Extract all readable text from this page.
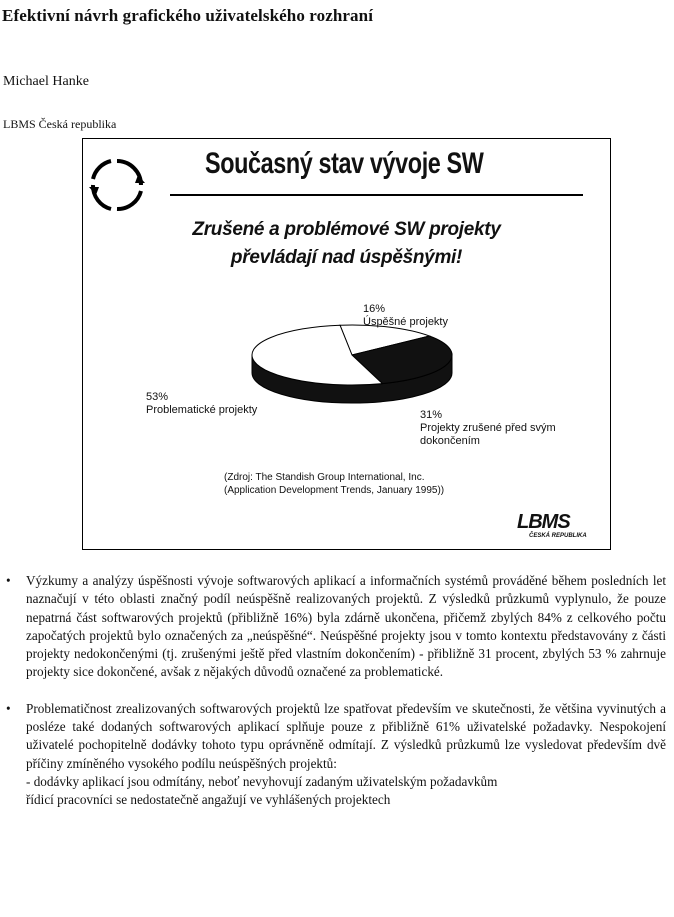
Efektivní návrh grafického uživatelského rozhraní
Michael Hanke
LBMS Česká republika
Současný stav vývoje SW
Zrušené a problémové SW projekty
převládají nad úspěšnými!
16%
Úspěšné projekty
53%
Problematické projekty	31%
Projekty zrušené před svým dokončením
(Zdroj: The Standish Group International, Inc.
(Application Development Trends, January 1995))
LBMS
ČESKÁ REPUBLIKA
• Výzkumy a analýzy úspěšnosti vývoje softwarových aplikací a informačních systémů prováděné během posledních let naznačují v této oblasti značný podíl neúspěšně realizovaných projektů. Z výsledků průzkumů vyplynulo, že pouze nepatrná část softwarových projektů (přibližně 16%) byla zdárně ukončena, přičemž zbylých 84% z celkového počtu započatých projektů bylo označených za „neúspěšné“. Neúspěšné projekty jsou v tomto kontextu představovány z části projekty nedokončenými (tj. zrušenými ještě před vlastním dokončením) - přibližně 31 procent, zbylých 53 % zahrnuje projekty sice dokončené, avšak z nějakých důvodů označené za problematické.
• Problematičnost zrealizovaných softwarových projektů lze spatřovat především ve skutečnosti, že většina vyvinutých a posléze také dodaných softwarových aplikací splňuje pouze z přibližně 61% uživatelské požadavky. Nespokojení uživatelé pochopitelně dodávky tohoto typu oprávněně odmítají. Z výsledků průzkumů lze vysledovat především dvě příčiny zmíněného vysokého podílu neúspěšných projektů:
- dodávky aplikací jsou odmítány, neboť nevyhovují zadaným uživatelským požadavkům
řídicí pracovníci se nedostatečně angažují ve vyhlášených projektech
